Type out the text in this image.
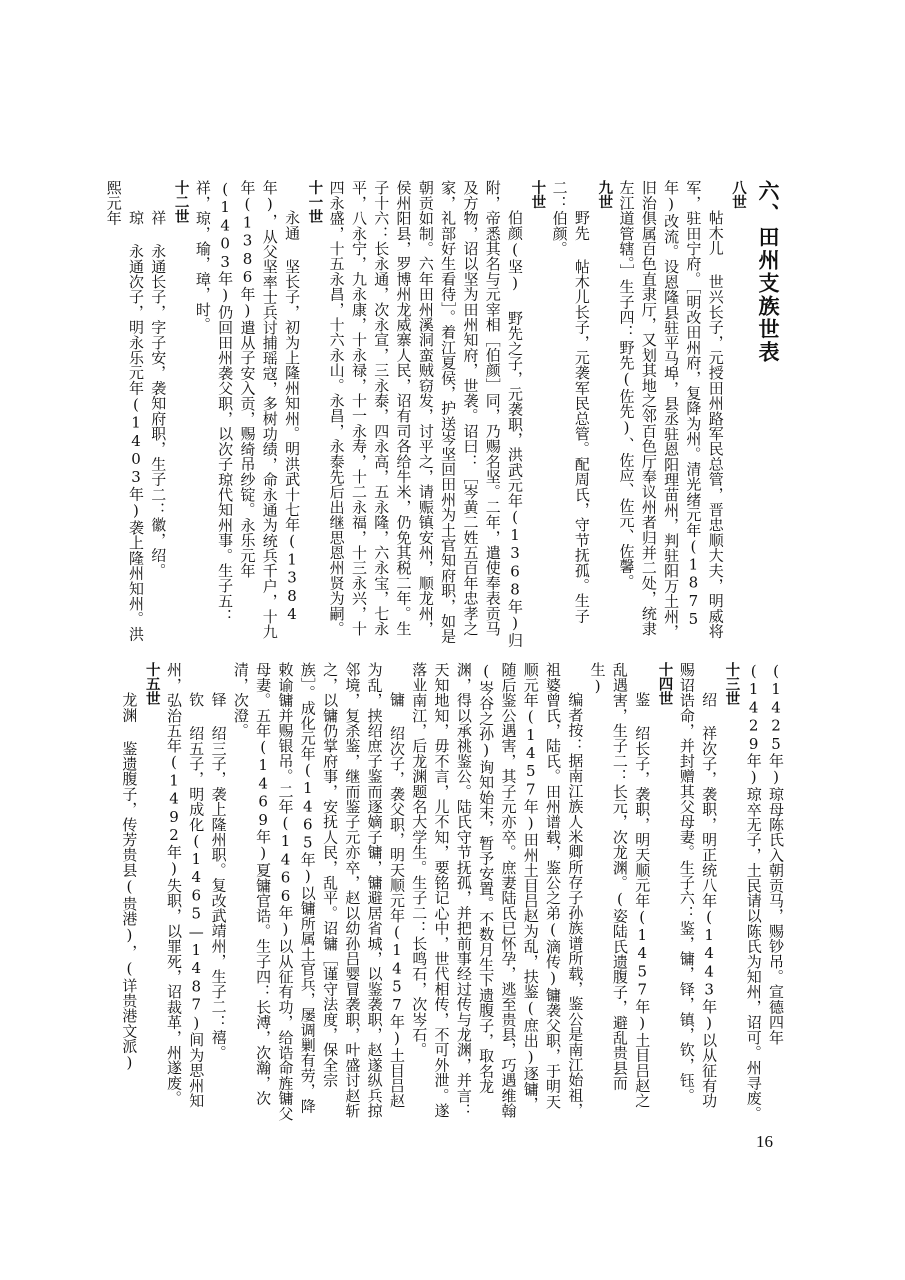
六、田州支族世表
八世

帖木儿 世兴长子，元授田州路军民总管，晋忠顺大夫，明威将军，驻田宁府。［明改田州府，复降为州。清光绪元年(1875年)改流。设恩隆县驻平马埠，县丞驻恩阳理苗州，判驻阳万土州，旧治俱属百色直隶厅，又划其地之邻百色厅奉议州者归并二处，统隶左江道管辖。］生子四：野先(佐先)、佐应、佐元、佐馨。

九世

野先 帖木儿长子，元袭军民总管。配周氏，守节抚孤。生子二：伯颜。

十世

伯颜(坚) 野先之子，元袭职，洪武元年(1368年)归附，帝悉其名与元宰相［伯颜］同，乃赐名坚。二年，遣使奉表贡马及方物，诏以坚为田州知府，世袭。诏曰：［岑黄二姓五百年忠孝之家，礼部好生看待］。着江夏侯，护送岑坚回田州为土官知府职，如是朝贡如制。六年田州溪洞蛮贼窃发，讨平之，请赈镇安州，顺龙州，侯州阳县，罗博州龙威寨人民，诏有司各给牛米，仍免其税二年。生子十六：长永通，次永宣，三永泰，四永高，五永隆，六永宝，七永平，八永宁，九永康，十永禄，十一永寿，十二永福，十三永兴，十四永盛，十五永昌，十六永山。永昌，永泰先后出继思恩州贤为嗣。

十一世

永通 坚长子，初为上隆州知州。明洪武十七年(1384年)，从父坚率士兵讨捕瑶寇，多树功绩，命永通为统兵千户，十九年(1386年)遣从子安入贡，赐绮吊纱锭。永乐元年(1403年)仍回田州袭父职，以次子琼代知州事。生子五：祥，琼，瑜，璋，时。

十二世

祥 永通长子，字子安，袭知府职，生子二：徽，绍。

琼 永通次子，明永乐元年(1403年)袭上隆州知州。洪熙元年

(1425年)琼母陈氏入朝贡马，赐钞吊。宣德四年(1429年)琼卒无子，土民请以陈氏为知州，诏可。州寻废。

十三世

绍 祥次子，袭职，明正统八年(1443年)以从征有功赐诏诰命，并封赠其父母妻。生子六：鉴，镛，铎，镇，钦，钰。

十四世

鉴 绍长子，袭职，明天顺元年(1457年)土目吕赵之乱遇害，生子二：长元，次龙渊。(姿陆氏遗腹子，避乱贵县而生)

编者按：据南江族人米卿所存子孙族谱所载，鉴公是南江始祖，祖婆曾氏，陆氏。田州谱载，鉴公之弟(滴传)镛袭父职，于明天顺元年(1457年)田州土目吕赵为乱，扶鉴(庶出)逐镛，随后鉴公遇害，其子元亦卒。庶妻陆氏已怀孕，逃至贵县，巧遇维翰(岑谷之孙)询知始末，暂予安置。不数月生下遗腹子，取名龙渊，得以承祧鉴公。陆氏守节抚孤，并把前事经过传与龙渊，并言：天知地知，毋不言，儿不知，要铭记心中，世代相传，不可外泄。遂落业南江，后龙渊题名大学生。生子二：长鸣石，次岑石。

镛 绍次子，袭父职，明天顺元年(1457年)土目吕赵为乱，挟绍庶子鉴而逐嫡子镛，镛避居省城，以鉴袭职，赵遂纵兵掠邻境，复杀鉴，继而鉴子元亦卒，赵以幼孙吕婴冒袭职，叶盛讨赵斩之，以镛仍掌府事，安抚人民，乱平。诏镛［谨守法度，保全宗族］。成化元年(1465年)以镛所属土官兵，屡调剿有劳，降敕谕镛并赐银吊。二年(1466年)以从征有功，给诰命旌镛父母妻。五年(1469年)夏镛官诰。生子四：长溥，次瀚，次清，次澄。

铎 绍三子，袭上隆州职。复改武靖州，生子二：禧。

钦 绍五子，明成化(1465—1487)间为思州知州，弘治五年(1492年)失职，以罪死，诏裁革，州遂废。

十五世

龙渊 鉴遗腹子，传芳贵县(贵港)，(详贵港文派)

16
